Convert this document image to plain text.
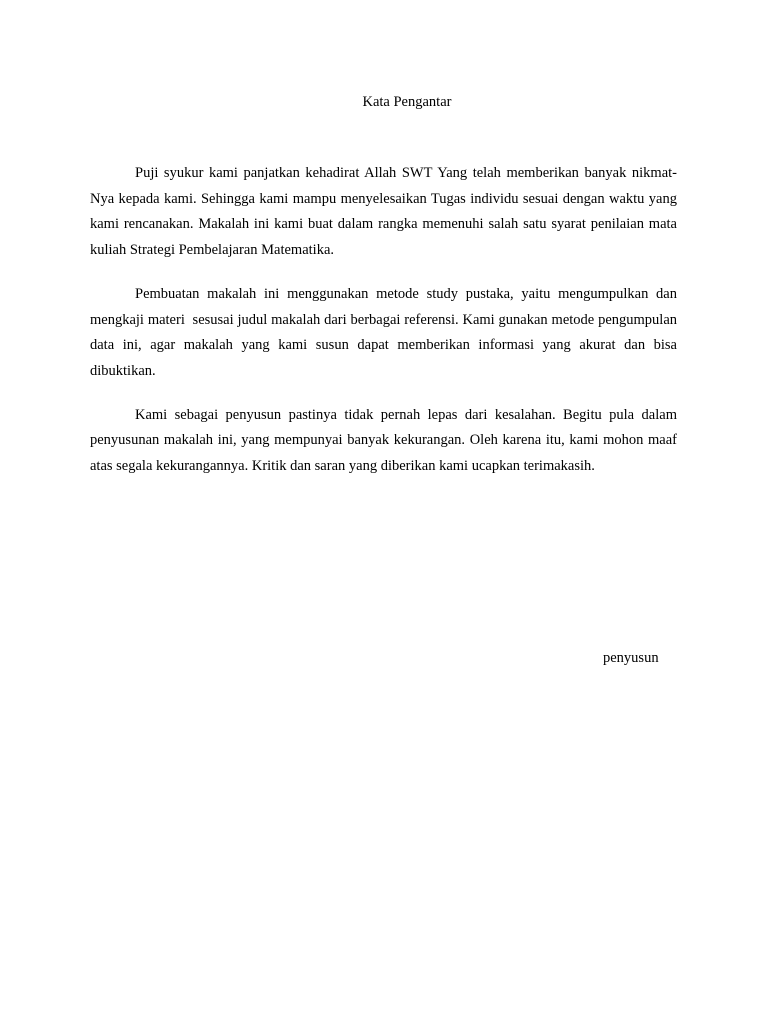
Kata Pengantar

Puji syukur kami panjatkan kehadirat Allah SWT Yang telah memberikan banyak nikmat-Nya kepada kami. Sehingga kami mampu menyelesaikan Tugas individu sesuai dengan waktu yang kami rencanakan. Makalah ini kami buat dalam rangka memenuhi salah satu syarat penilaian mata kuliah Strategi Pembelajaran Matematika.

Pembuatan makalah ini menggunakan metode study pustaka, yaitu mengumpulkan dan mengkaji materi  sesusai judul makalah dari berbagai referensi. Kami gunakan metode pengumpulan data ini, agar makalah yang kami susun dapat memberikan informasi yang akurat dan bisa dibuktikan.

Kami sebagai penyusun pastinya tidak pernah lepas dari kesalahan. Begitu pula dalam penyusunan makalah ini, yang mempunyai banyak kekurangan. Oleh karena itu, kami mohon maaf atas segala kekurangannya. Kritik dan saran yang diberikan kami ucapkan terimakasih.

penyusun
